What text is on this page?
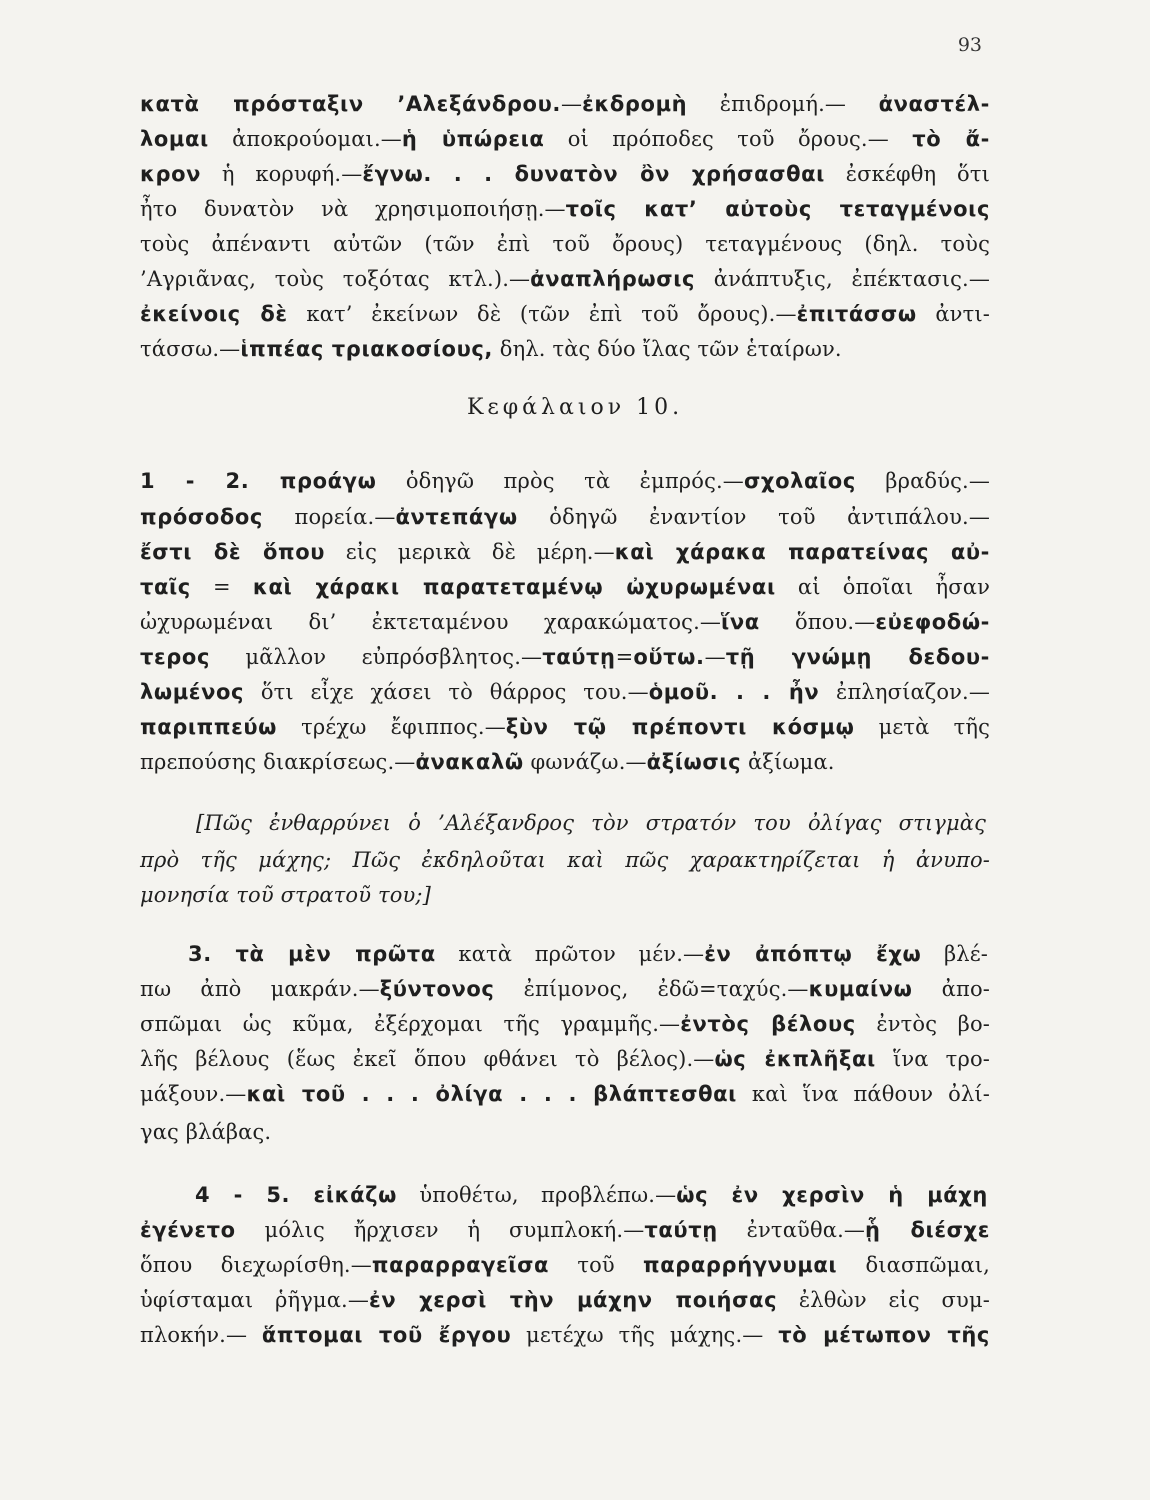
93
κατὰ πρόσταξιν ’Αλεξάνδρου.—ἐκδρομὴ ἐπιδρομή.— ἀναστέλ-
λομαι ἀποκρούομαι.—ἡ ὑπώρεια οἱ πρόποδες τοῦ ὄρους.— τὸ ἄ-
κρον ἡ κορυφή.—ἔγνω. . . δυνατὸν ὂν χρήσασθαι ἐσκέφθη ὅτι
ἦτο δυνατὸν νὰ χρησιμοποιήσῃ.—τοῖς κατ’ αὐτοὺς τεταγμένοις
τοὺς ἀπέναντι αὐτῶν (τῶν ἐπὶ τοῦ ὄρους) τεταγμένους (δηλ. τοὺς
’Αγριᾶνας, τοὺς τοξότας κτλ.).—ἀναπλήρωσις ἀνάπτυξις, ἐπέκτασις.—
ἐκείνοις δὲ κατ’ ἐκείνων δὲ (τῶν ἐπὶ τοῦ ὄρους).—ἐπιτάσσω ἀντι-
τάσσω.—ἱππέας τριακοσίους, δηλ. τὰς δύο ἴλας τῶν ἑταίρων.
Κεφάλαιον 10.
1 - 2. προάγω ὁδηγῶ πρὸς τὰ ἐμπρός.—σχολαῖος βραδύς.—
πρόσοδος πορεία.—ἀντεπάγω ὁδηγῶ ἐναντίον τοῦ ἀντιπάλου.—
ἔστι δὲ ὅπου εἰς μερικὰ δὲ μέρη.—καὶ χάρακα παρατείνας αὐ-
ταῖς = καὶ χάρακι παρατεταμένῳ ὠχυρωμέναι αἱ ὁποῖαι ἦσαν
ὠχυρωμέναι δι’ ἐκτεταμένου χαρακώματος.—ἵνα ὅπου.—εὐεφοδώ-
τερος μᾶλλον εὐπρόσβλητος.—ταύτῃ=οὕτω.—τῇ γνώμῃ δεδου-
λωμένος ὅτι εἶχε χάσει τὸ θάρρος του.—ὁμοῦ. . . ἦν ἐπλησίαζον.—
παριππεύω τρέχω ἔφιππος.—ξὺν τῷ πρέποντι κόσμῳ μετὰ τῆς
πρεπούσης διακρίσεως.—ἀνακαλῶ φωνάζω.—ἀξίωσις ἀξίωμα.
[Πῶς ἐνθαρρύνει ὁ ’Αλέξανδρος τὸν στρατόν του ὀλίγας στιγμὰς
πρὸ τῆς μάχης; Πῶς ἐκδηλοῦται καὶ πῶς χαρακτηρίζεται ἡ ἀνυπο-
μονησία τοῦ στρατοῦ του;]
3. τὰ μὲν πρῶτα κατὰ πρῶτον μέν.—ἐν ἀπόπτῳ ἔχω βλέ-
πω ἀπὸ μακράν.—ξύντονος ἐπίμονος, ἐδῶ=ταχύς.—κυμαίνω ἀπο-
σπῶμαι ὡς κῦμα, ἐξέρχομαι τῆς γραμμῆς.—ἐντὸς βέλους ἐντὸς βο-
λῆς βέλους (ἕως ἐκεῖ ὅπου φθάνει τὸ βέλος).—ὡς ἐκπλῆξαι ἵνα τρο-
μάξουν.—καὶ τοῦ . . . ὀλίγα . . . βλάπτεσθαι καὶ ἵνα πάθουν ὀλί-
γας βλάβας.
4 - 5. εἰκάζω ὑποθέτω, προβλέπω.—ὡς ἐν χερσὶν ἡ μάχη
ἐγένετο μόλις ἤρχισεν ἡ συμπλοκή.—ταύτῃ ἐνταῦθα.—ᾗ διέσχε
ὅπου διεχωρίσθη.—παραρραγεῖσα τοῦ παραρρήγνυμαι διασπῶμαι,
ὑφίσταμαι ῥῆγμα.—ἐν χερσὶ τὴν μάχην ποιήσας ἐλθὼν εἰς συμ-
πλοκήν.— ἅπτομαι τοῦ ἔργου μετέχω τῆς μάχης.— τὸ μέτωπον τῆς
